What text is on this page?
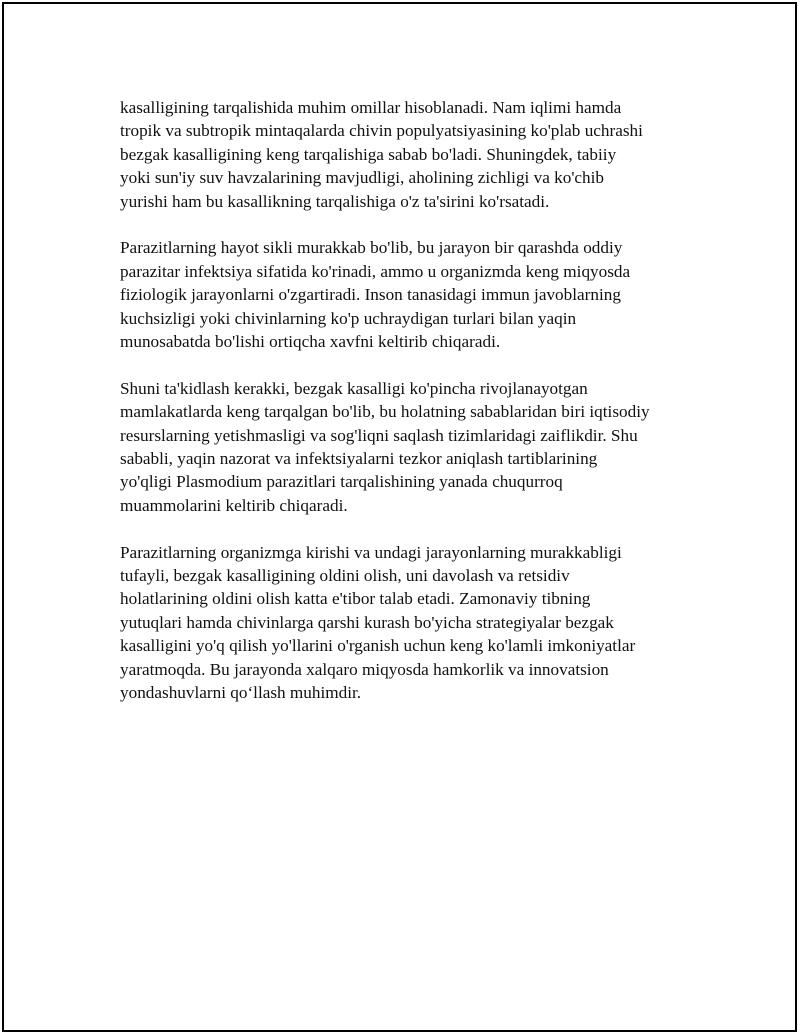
kasalligining tarqalishida muhim omillar hisoblanadi. Nam iqlimi hamda
tropik va subtropik mintaqalarda chivin populyatsiyasining ko'plab uchrashi
bezgak kasalligining keng tarqalishiga sabab bo'ladi. Shuningdek, tabiiy
yoki sun'iy suv havzalarining mavjudligi, aholining zichligi va ko'chib
yurishi ham bu kasallikning tarqalishiga o'z ta'sirini ko'rsatadi.

Parazitlarning hayot sikli murakkab bo'lib, bu jarayon bir qarashda oddiy
parazitar infektsiya sifatida ko'rinadi, ammo u organizmda keng miqyosda
fiziologik jarayonlarni o'zgartiradi. Inson tanasidagi immun javoblarning
kuchsizligi yoki chivinlarning ko'p uchraydigan turlari bilan yaqin
munosabatda bo'lishi ortiqcha xavfni keltirib chiqaradi.

Shuni ta'kidlash kerakki, bezgak kasalligi ko'pincha rivojlanayotgan
mamlakatlarda keng tarqalgan bo'lib, bu holatning sabablaridan biri iqtisodiy
resurslarning yetishmasligi va sog'liqni saqlash tizimlaridagi zaiflikdir. Shu
sababli, yaqin nazorat va infektsiyalarni tezkor aniqlash tartiblarining
yo'qligi Plasmodium parazitlari tarqalishining yanada chuqurroq
muammolarini keltirib chiqaradi.

Parazitlarning organizmga kirishi va undagi jarayonlarning murakkabligi
tufayli, bezgak kasalligining oldini olish, uni davolash va retsidiv
holatlarining oldini olish katta e'tibor talab etadi. Zamonaviy tibning
yutuqlari hamda chivinlarga qarshi kurash bo'yicha strategiyalar bezgak
kasalligini yo'q qilish yo'llarini o'rganish uchun keng ko'lamli imkoniyatlar
yaratmoqda. Bu jarayonda xalqaro miqyosda hamkorlik va innovatsion
yondashuvlarni qo‘llash muhimdir.
